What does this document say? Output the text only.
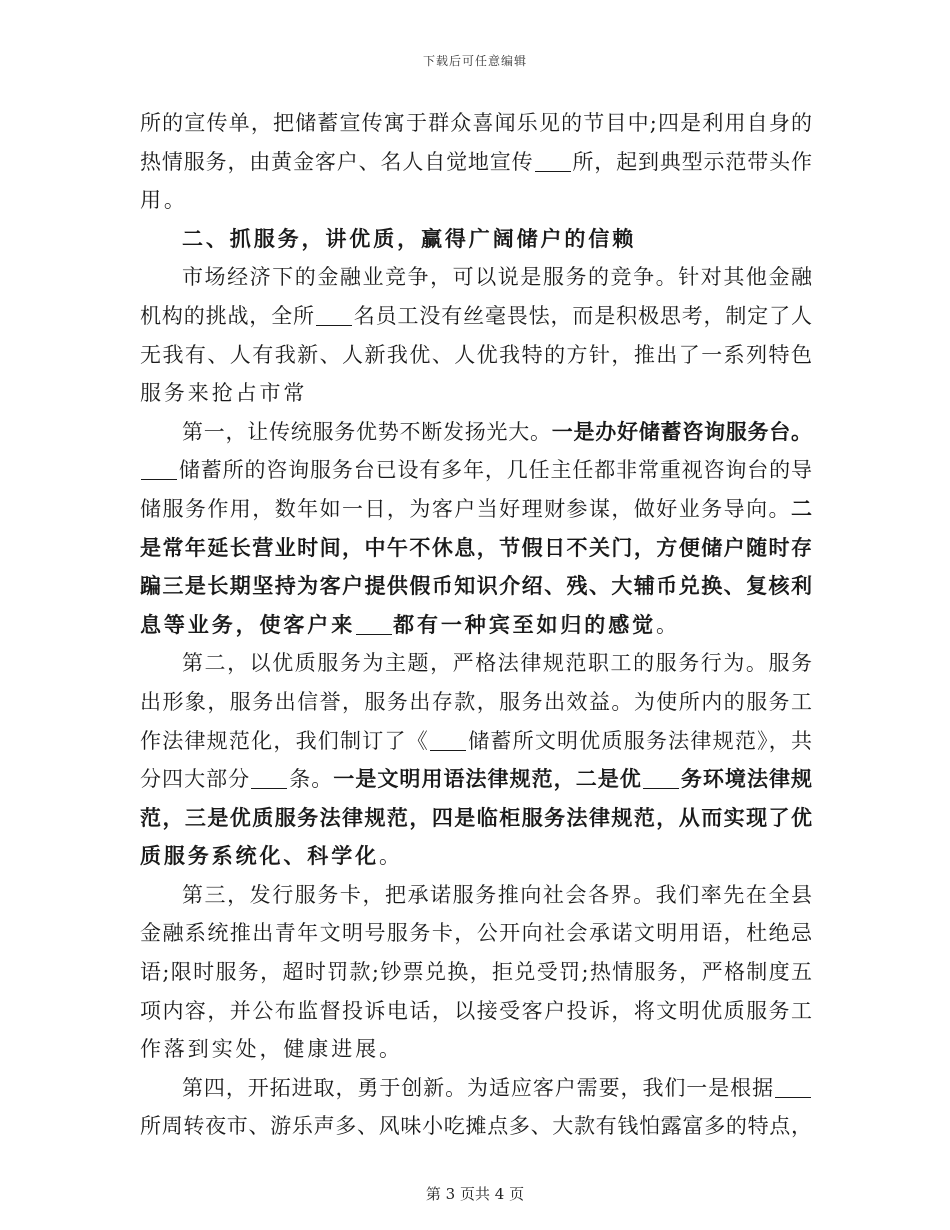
下载后可任意编辑
所的宣传单，把储蓄宣传寓于群众喜闻乐见的节目中;四是利用自身的
热情服务，由黄金客户、名人自觉地宣传 所，起到典型示范带头作
用。
二、抓服务，讲优质，赢得广阔储户的信赖
市场经济下的金融业竞争，可以说是服务的竞争。针对其他金融
机构的挑战，全所 名员工没有丝毫畏怯，而是积极思考，制定了人
无我有、人有我新、人新我优、人优我特的方针，推出了一系列特色
服务来抢占市常
第一，让传统服务优势不断发扬光大。一是办好储蓄咨询服务台。
储蓄所的咨询服务台已设有多年，几任主任都非常重视咨询台的导
储服务作用，数年如一日，为客户当好理财参谋，做好业务导向。二
是常年延长营业时间，中午不休息，节假日不关门，方便储户随时存
蹁三是长期坚持为客户提供假币知识介绍、残、大辅币兑换、复核利
息等业务，使客户来 都有一种宾至如归的感觉。
第二，以优质服务为主题，严格法律规范职工的服务行为。服务
出形象，服务出信誉，服务出存款，服务出效益。为使所内的服务工
作法律规范化，我们制订了《 储蓄所文明优质服务法律规范》，共
分四大部分 条。一是文明用语法律规范，二是优 务环境法律规
范，三是优质服务法律规范，四是临柜服务法律规范，从而实现了优
质服务系统化、科学化。
第三，发行服务卡，把承诺服务推向社会各界。我们率先在全县
金融系统推出青年文明号服务卡，公开向社会承诺文明用语，杜绝忌
语;限时服务，超时罚款;钞票兑换，拒兑受罚;热情服务，严格制度五
项内容，并公布监督投诉电话，以接受客户投诉，将文明优质服务工
作落到实处，健康进展。
第四，开拓进取，勇于创新。为适应客户需要，我们一是根据
所周转夜市、游乐声多、风味小吃摊点多、大款有钱怕露富多的特点，
第 3 页共 4 页
